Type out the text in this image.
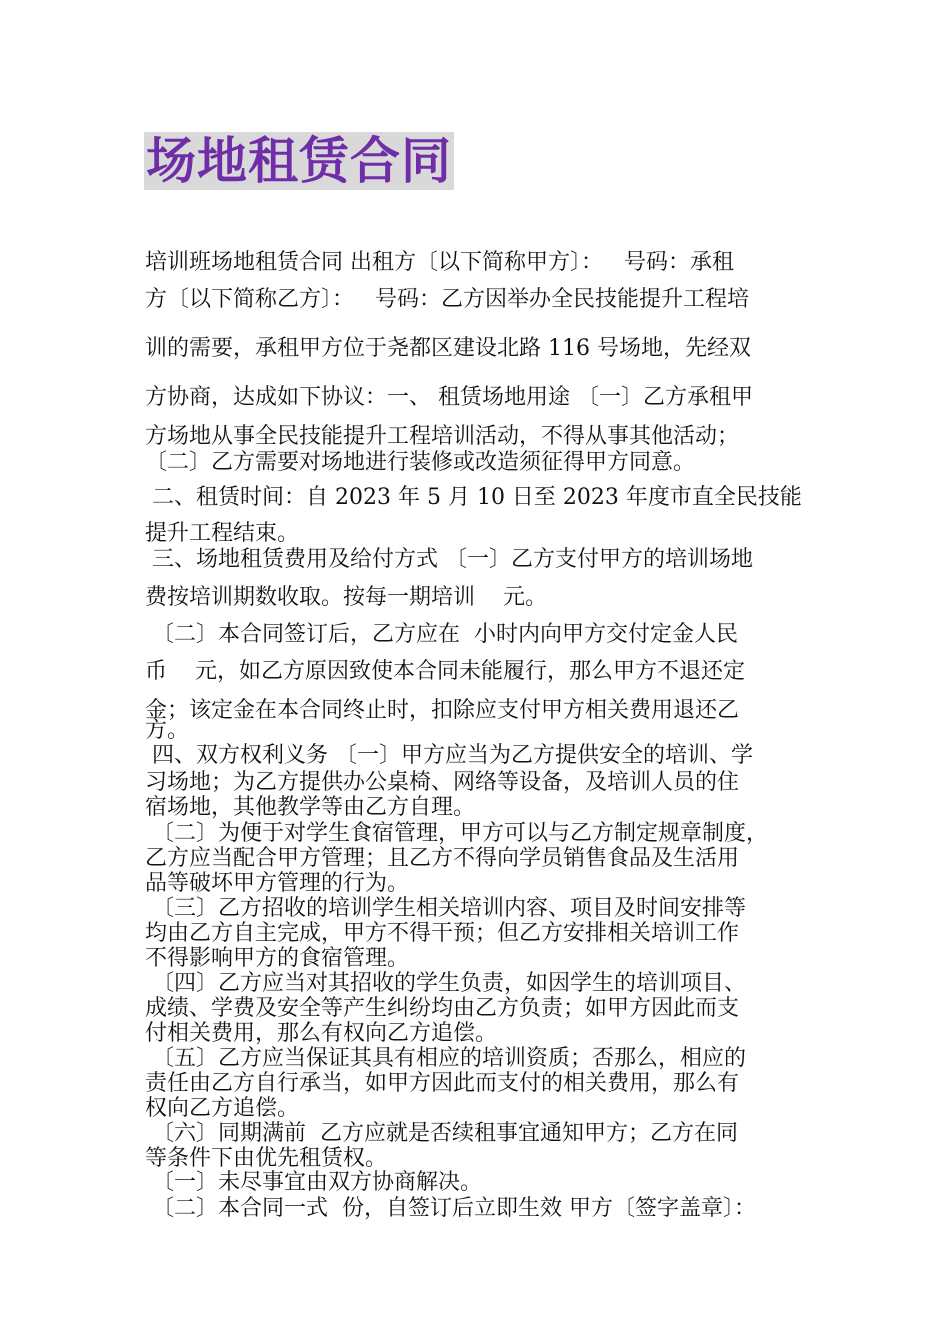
场地租赁合同
培训班场地租赁合同 出租方〔以下简称甲方〕：   号码：承租
方〔以下简称乙方〕：   号码：乙方因举办全民技能提升工程培
训的需要，承租甲方位于尧都区建设北路 116 号场地，先经双
方协商，达成如下协议：一、 租赁场地用途 〔一〕乙方承租甲
方场地从事全民技能提升工程培训活动，不得从事其他活动；
〔二〕乙方需要对场地进行装修或改造须征得甲方同意。
二、租赁时间：自 2023 年 5 月 10 日至 2023 年度市直全民技能
提升工程结束。
三、场地租赁费用及给付方式 〔一〕乙方支付甲方的培训场地
费按培训期数收取。按每一期培训    元。
〔二〕本合同签订后，乙方应在  小时内向甲方交付定金人民
币    元，如乙方原因致使本合同未能履行，那么甲方不退还定
金；该定金在本合同终止时，扣除应支付甲方相关费用退还乙
方。
四、双方权利义务 〔一〕甲方应当为乙方提供安全的培训、学
习场地；为乙方提供办公桌椅、网络等设备，及培训人员的住
宿场地，其他教学等由乙方自理。
〔二〕为便于对学生食宿管理，甲方可以与乙方制定规章制度，
乙方应当配合甲方管理；且乙方不得向学员销售食品及生活用
品等破坏甲方管理的行为。
〔三〕乙方招收的培训学生相关培训内容、项目及时间安排等
均由乙方自主完成，甲方不得干预；但乙方安排相关培训工作
不得影响甲方的食宿管理。
〔四〕乙方应当对其招收的学生负责，如因学生的培训项目、
成绩、学费及安全等产生纠纷均由乙方负责；如甲方因此而支
付相关费用，那么有权向乙方追偿。
〔五〕乙方应当保证其具有相应的培训资质；否那么，相应的
责任由乙方自行承当，如甲方因此而支付的相关费用，那么有
权向乙方追偿。
〔六〕同期满前  乙方应就是否续租事宜通知甲方；乙方在同
等条件下由优先租赁权。
〔一〕未尽事宜由双方协商解决。
〔二〕本合同一式  份，自签订后立即生效 甲方〔签字盖章〕：
